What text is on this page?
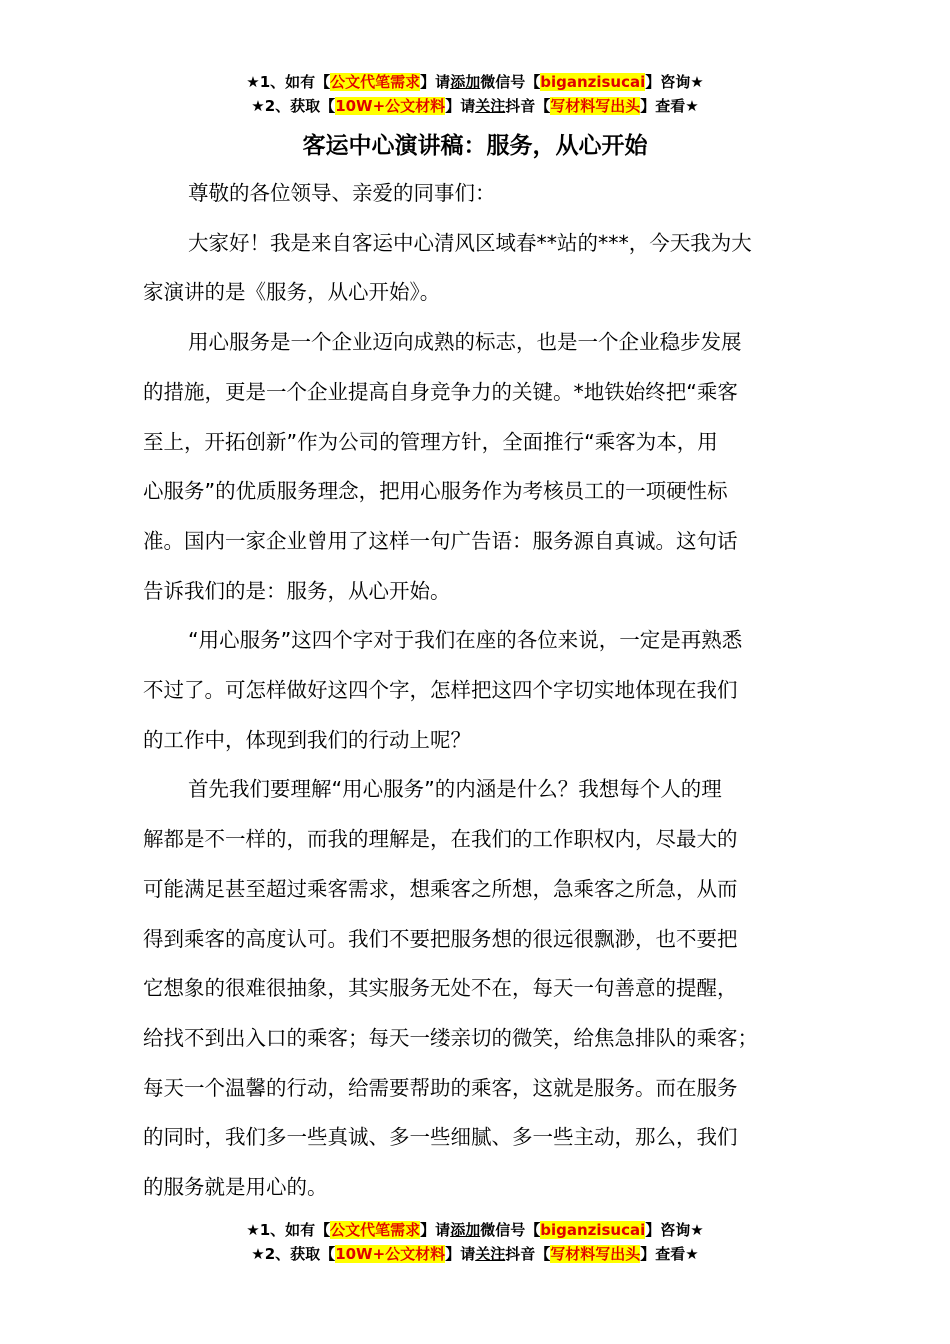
★1、如有【公文代笔需求】请添加微信号【biganzisucai】咨询★
★2、获取【10W+公文材料】请关注抖音【写材料写出头】查看★
客运中心演讲稿：服务，从心开始

尊敬的各位领导、亲爱的同事们：

大家好！我是来自客运中心清风区域春**站的***，今天我为大
家演讲的是《服务，从心开始》。

用心服务是一个企业迈向成熟的标志，也是一个企业稳步发展
的措施，更是一个企业提高自身竞争力的关键。*地铁始终把“乘客
至上，开拓创新”作为公司的管理方针，全面推行“乘客为本，用
心服务”的优质服务理念，把用心服务作为考核员工的一项硬性标
准。国内一家企业曾用了这样一句广告语：服务源自真诚。这句话
告诉我们的是：服务，从心开始。

“用心服务”这四个字对于我们在座的各位来说，一定是再熟悉
不过了。可怎样做好这四个字，怎样把这四个字切实地体现在我们
的工作中，体现到我们的行动上呢？

首先我们要理解“用心服务”的内涵是什么？我想每个人的理
解都是不一样的，而我的理解是，在我们的工作职权内，尽最大的
可能满足甚至超过乘客需求，想乘客之所想，急乘客之所急，从而
得到乘客的高度认可。我们不要把服务想的很远很飘渺，也不要把
它想象的很难很抽象，其实服务无处不在，每天一句善意的提醒，
给找不到出入口的乘客；每天一缕亲切的微笑，给焦急排队的乘客；
每天一个温馨的行动，给需要帮助的乘客，这就是服务。而在服务
的同时，我们多一些真诚、多一些细腻、多一些主动，那么，我们
的服务就是用心的。

★1、如有【公文代笔需求】请添加微信号【biganzisucai】咨询★
★2、获取【10W+公文材料】请关注抖音【写材料写出头】查看★
